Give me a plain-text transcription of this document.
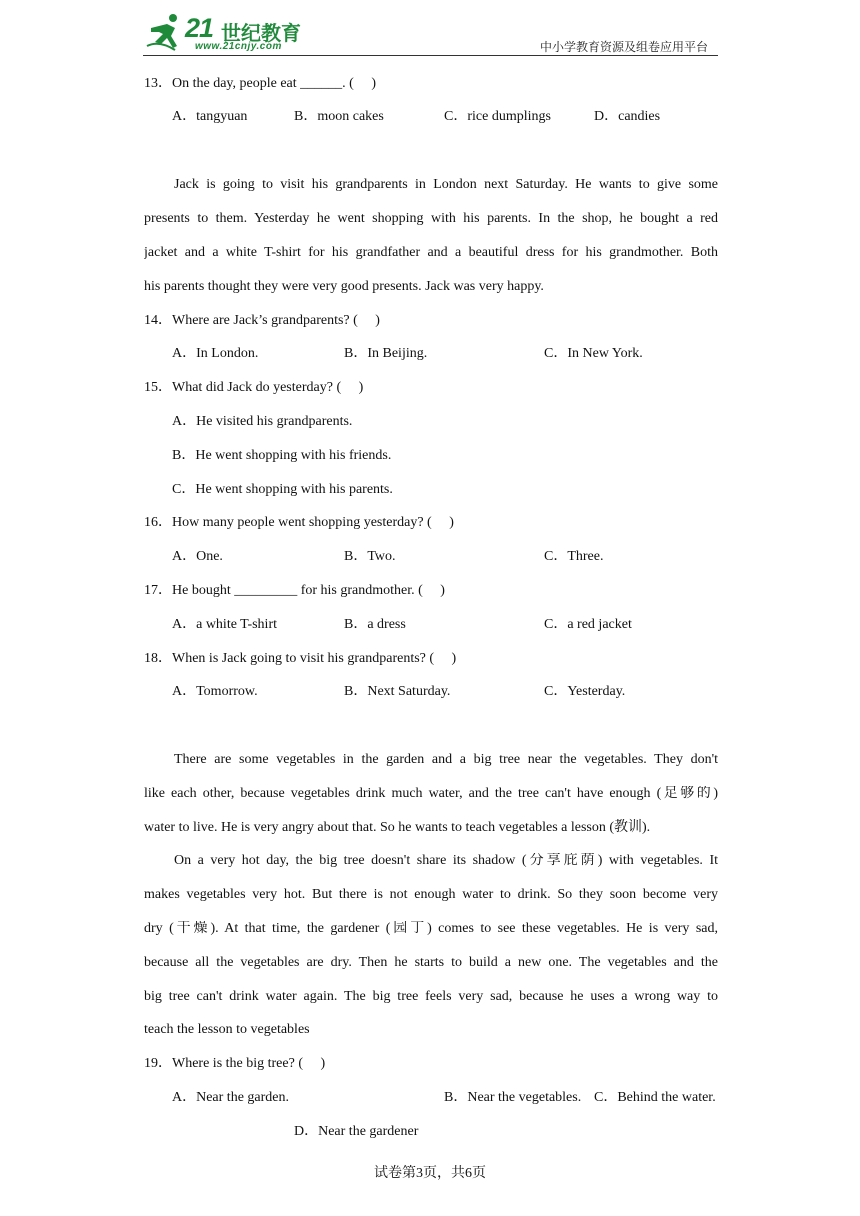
21 世纪教育
www.21cnjy.com	中小学教育资源及组卷应用平台
13．On the day, people eat ______. (　 )
A．tangyuan	B．moon cakes	C．rice dumplings	D．candies
Jack is going to visit his grandparents in London next Saturday. He wants to give some
presents to them. Yesterday he went shopping with his parents. In the shop, he bought a red
jacket and a white T-shirt for his grandfather and a beautiful dress for his grandmother. Both
his parents thought they were very good presents. Jack was very happy.
14．Where are Jack’s grandparents? (　 )
A．In London.	B．In Beijing.	C．In New York.
15．What did Jack do yesterday? (　 )
A．He visited his grandparents.
B．He went shopping with his friends.
C．He went shopping with his parents.
16．How many people went shopping yesterday? (　 )
A．One.	B．Two.	C．Three.
17．He bought _________ for his grandmother. (　 )
A．a white T-shirt	B．a dress	C．a red jacket
18．When is Jack going to visit his grandparents? (　 )
A．Tomorrow.	B．Next Saturday.	C．Yesterday.
There are some vegetables in the garden and a big tree near the vegetables. They don't
like each other, because vegetables drink much water, and the tree can't have enough (足够的)
water to live. He is very angry about that. So he wants to teach vegetables a lesson (教训).
On a very hot day, the big tree doesn't share its shadow (分享庇荫) with vegetables. It
makes vegetables very hot. But there is not enough water to drink. So they soon become very
dry (干燥). At that time, the gardener (园丁) comes to see these vegetables. He is very sad,
because all the vegetables are dry. Then he starts to build a new one. The vegetables and the
big tree can't drink water again. The big tree feels very sad, because he uses a wrong way to
teach the lesson to vegetables
19．Where is the big tree? (　 )
A．Near the garden.	B．Near the vegetables. C．Behind the water.
D．Near the gardener
试卷第3页，共6页
